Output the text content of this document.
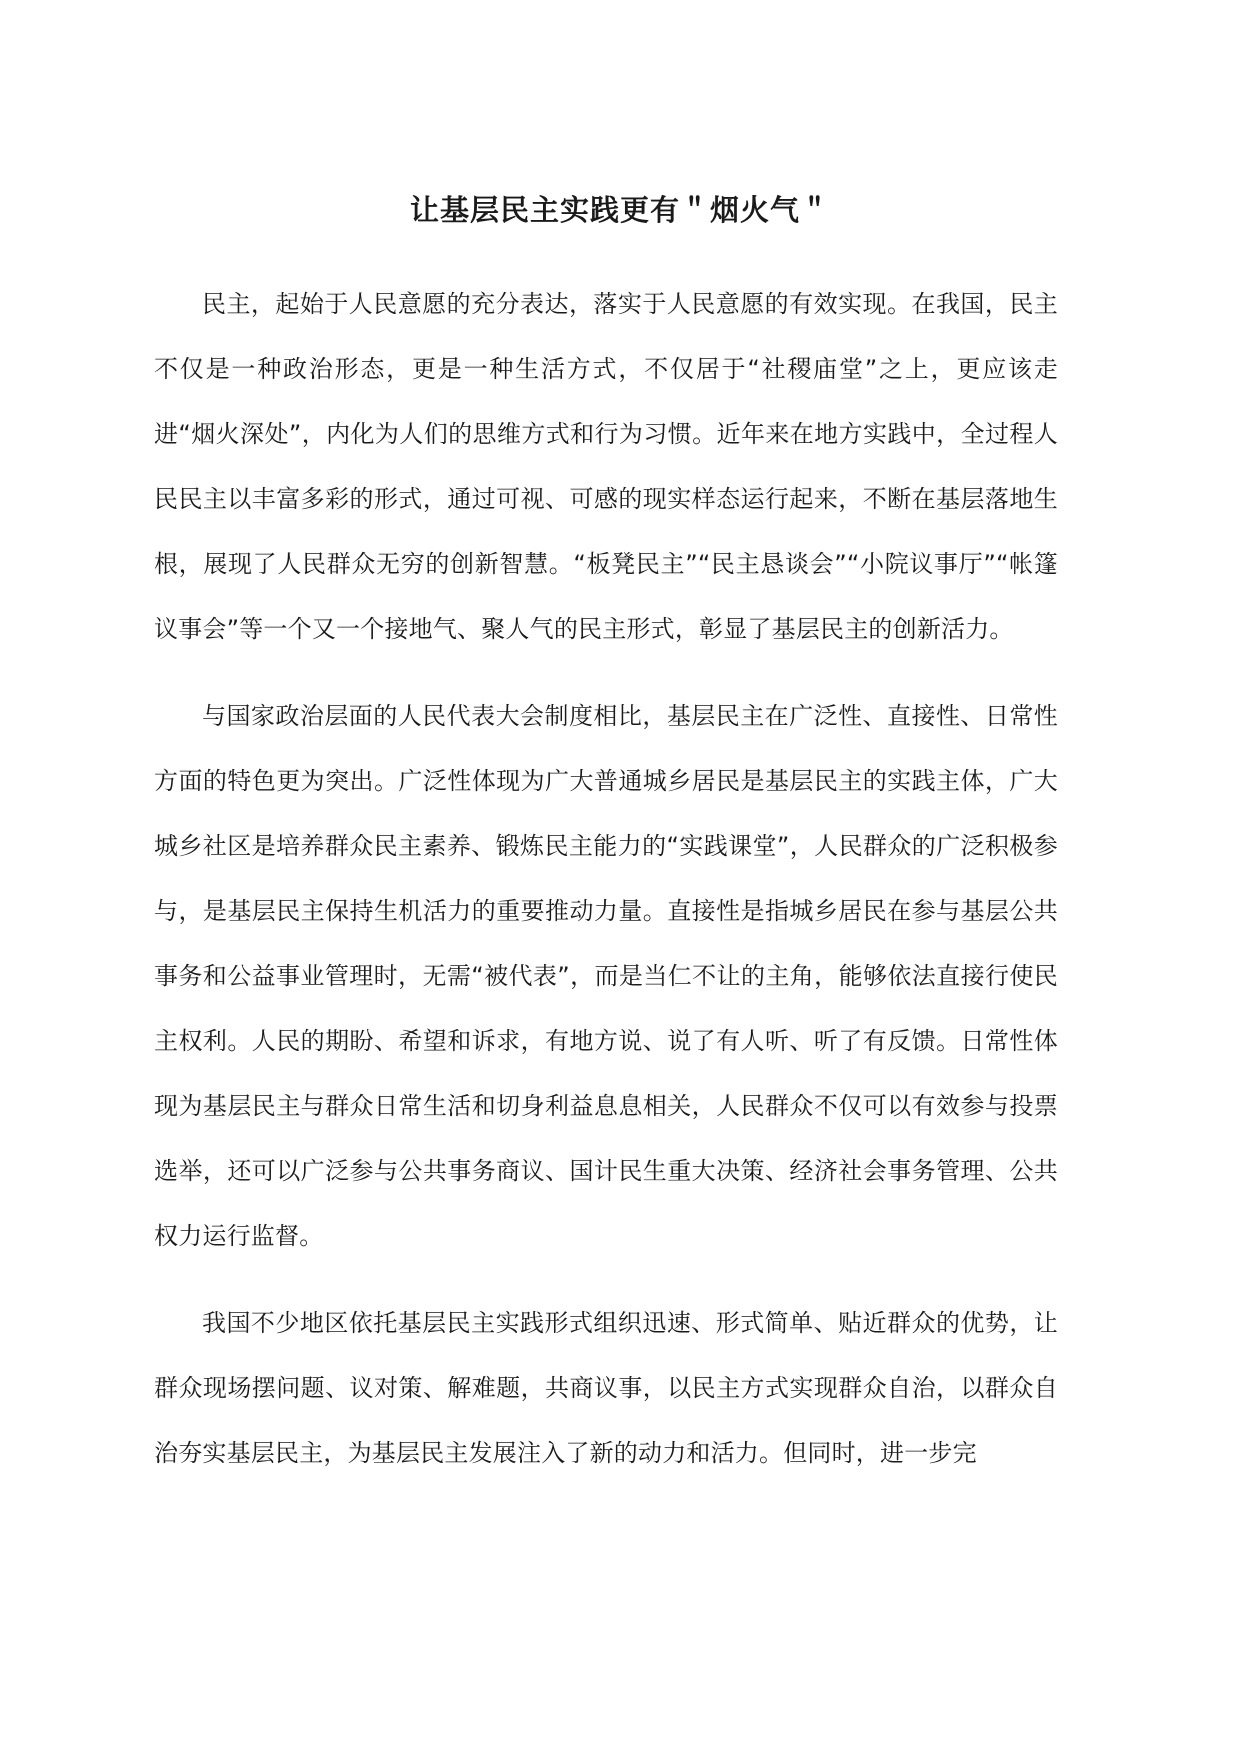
让基层民主实践更有＂烟火气＂

民主，起始于人民意愿的充分表达，落实于人民意愿的有效实现。在我国，民主不仅是一种政治形态，更是一种生活方式，不仅居于“社稷庙堂”之上，更应该走进“烟火深处”，内化为人们的思维方式和行为习惯。近年来在地方实践中，全过程人民民主以丰富多彩的形式，通过可视、可感的现实样态运行起来，不断在基层落地生根，展现了人民群众无穷的创新智慧。“板凳民主”“民主恳谈会”“小院议事厅”“帐篷议事会”等一个又一个接地气、聚人气的民主形式，彰显了基层民主的创新活力。

与国家政治层面的人民代表大会制度相比，基层民主在广泛性、直接性、日常性方面的特色更为突出。广泛性体现为广大普通城乡居民是基层民主的实践主体，广大城乡社区是培养群众民主素养、锻炼民主能力的“实践课堂”，人民群众的广泛积极参与，是基层民主保持生机活力的重要推动力量。直接性是指城乡居民在参与基层公共事务和公益事业管理时，无需“被代表”，而是当仁不让的主角，能够依法直接行使民主权利。人民的期盼、希望和诉求，有地方说、说了有人听、听了有反馈。日常性体现为基层民主与群众日常生活和切身利益息息相关，人民群众不仅可以有效参与投票选举，还可以广泛参与公共事务商议、国计民生重大决策、经济社会事务管理、公共权力运行监督。

我国不少地区依托基层民主实践形式组织迅速、形式简单、贴近群众的优势，让群众现场摆问题、议对策、解难题，共商议事，以民主方式实现群众自治，以群众自治夯实基层民主，为基层民主发展注入了新的动力和活力。但同时，进一步完
